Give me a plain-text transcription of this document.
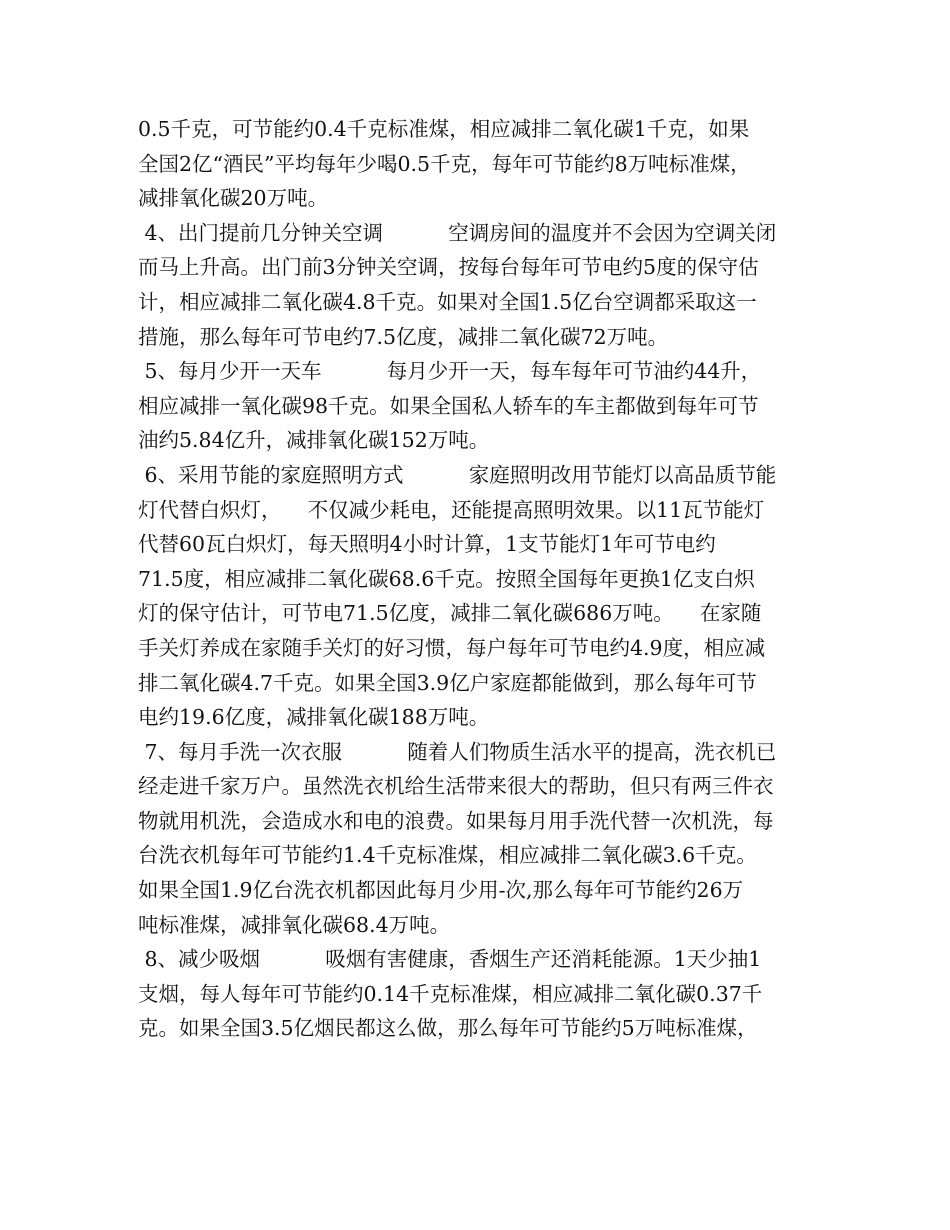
0.5千克，可节能约0.4千克标准煤，相应减排二氧化碳1千克，如果
全国2亿“酒民”平均每年少喝0.5千克，每年可节能约8万吨标准煤，
减排氧化碳20万吨。
4、出门提前几分钟关空调          空调房间的温度并不会因为空调关闭
而马上升高。出门前3分钟关空调，按每台每年可节电约5度的保守估
计，相应减排二氧化碳4.8千克。如果对全国1.5亿台空调都采取这一
措施，那么每年可节电约7.5亿度，减排二氧化碳72万吨。
5、每月少开一天车          每月少开一天，每车每年可节油约44升，
相应减排一氧化碳98千克。如果全国私人轿车的车主都做到每年可节
油约5.84亿升，减排氧化碳152万吨。
6、采用节能的家庭照明方式          家庭照明改用节能灯以高品质节能
灯代替白炽灯，    不仅减少耗电，还能提高照明效果。以11瓦节能灯
代替60瓦白炽灯，每天照明4小时计算，1支节能灯1年可节电约
71.5度，相应减排二氧化碳68.6千克。按照全国每年更换1亿支白炽
灯的保守估计，可节电71.5亿度，减排二氧化碳686万吨。    在家随
手关灯养成在家随手关灯的好习惯，每户每年可节电约4.9度，相应减
排二氧化碳4.7千克。如果全国3.9亿户家庭都能做到，那么每年可节
电约19.6亿度，减排氧化碳188万吨。
7、每月手洗一次衣服          随着人们物质生活水平的提高，洗衣机已
经走进千家万户。虽然洗衣机给生活带来很大的帮助，但只有两三件衣
物就用机洗，会造成水和电的浪费。如果每月用手洗代替一次机洗，每
台洗衣机每年可节能约1.4千克标准煤，相应减排二氧化碳3.6千克。
如果全国1.9亿台洗衣机都因此每月少用-次,那么每年可节能约26万
吨标准煤，减排氧化碳68.4万吨。
8、减少吸烟          吸烟有害健康，香烟生产还消耗能源。1天少抽1
支烟，每人每年可节能约0.14千克标准煤，相应减排二氧化碳0.37千
克。如果全国3.5亿烟民都这么做，那么每年可节能约5万吨标准煤，
